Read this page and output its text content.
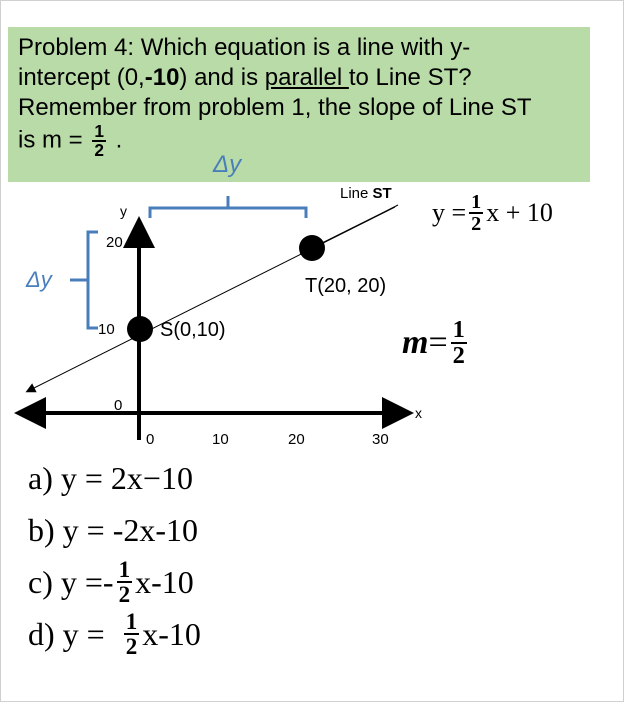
Problem 4: Which equation is a line with y-
intercept (0,-10) and is parallel to Line ST?
Remember from problem 1, the slope of Line ST
is $m = \frac{1}{2}$ .
Δy
Δy
x
y
Line ST
S(0,10)
T(20, 20)
20
10
0
0	10	20	30
$y = \frac{1}{2}$ x + 10
$m = \frac{1}{2}$
a) y = 2x−10
b) y = -2x-10
c) $y =- \frac{1}{2} x-10$
d) $y = \frac{1}{2} x-10$
